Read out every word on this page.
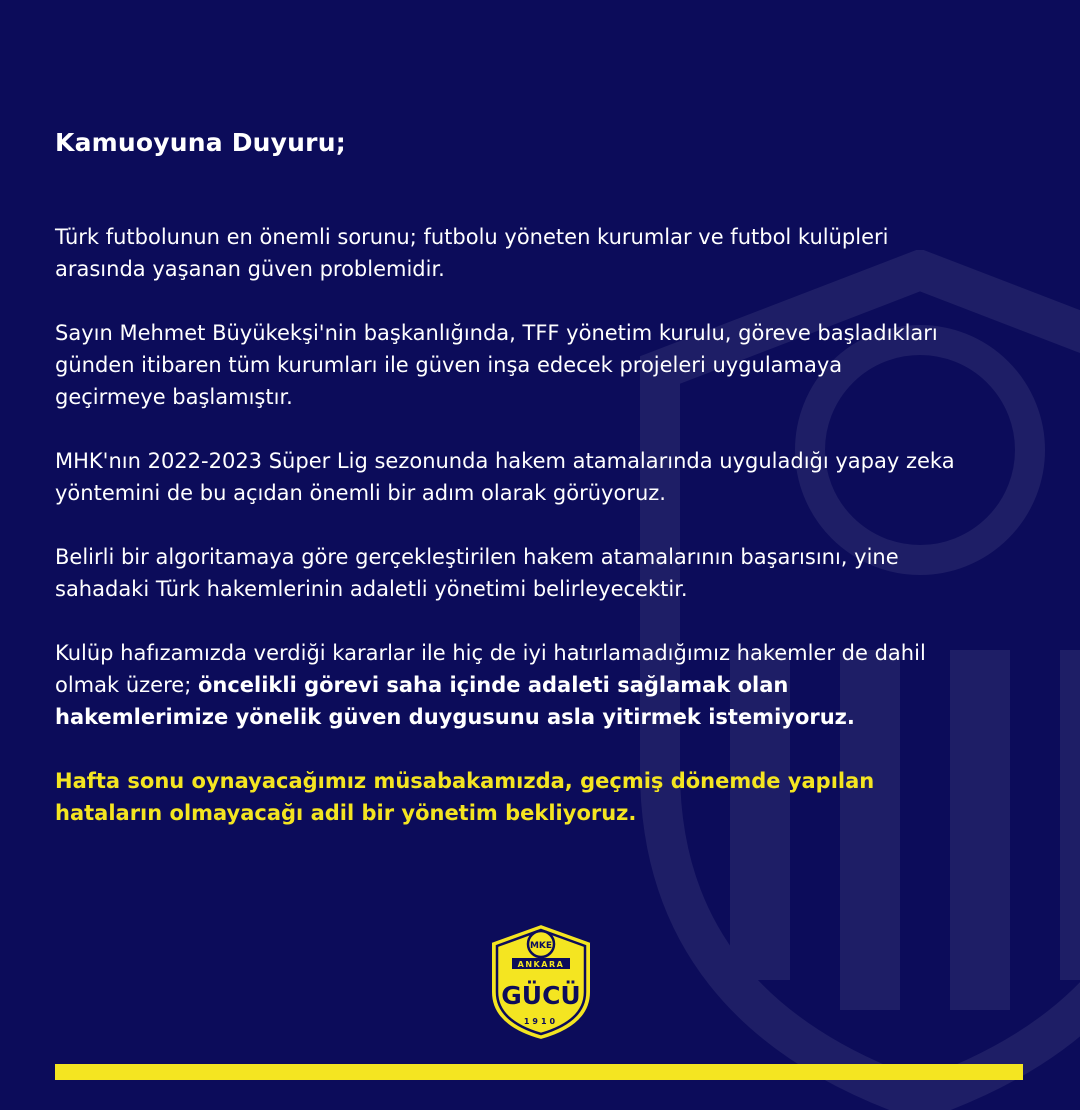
Kamuoyuna Duyuru;

Türk futbolunun en önemli sorunu; futbolu yöneten kurumlar ve futbol kulüpleri arasında yaşanan güven problemidir.

Sayın Mehmet Büyükekşi'nin başkanlığında, TFF yönetim kurulu, göreve başladıkları günden itibaren tüm kurumları ile güven inşa edecek projeleri uygulamaya geçirmeye başlamıştır.

MHK'nın 2022-2023 Süper Lig sezonunda hakem atamalarında uyguladığı yapay zeka yöntemini de bu açıdan önemli bir adım olarak görüyoruz.

Belirli bir algoritamaya göre gerçekleştirilen hakem atamalarının başarısını, yine sahadaki Türk hakemlerinin adaletli yönetimi belirleyecektir.

Kulüp hafızamızda verdiği kararlar ile hiç de iyi hatırlamadığımız hakemler de dahil olmak üzere; öncelikli görevi saha içinde adaleti sağlamak olan hakemlerimize yönelik güven duygusunu asla yitirmek istemiyoruz.

Hafta sonu oynayacağımız müsabakamızda, geçmiş dönemde yapılan hataların olmayacağı adil bir yönetim bekliyoruz.

MKE
ANKARA
GÜCÜ
1910
